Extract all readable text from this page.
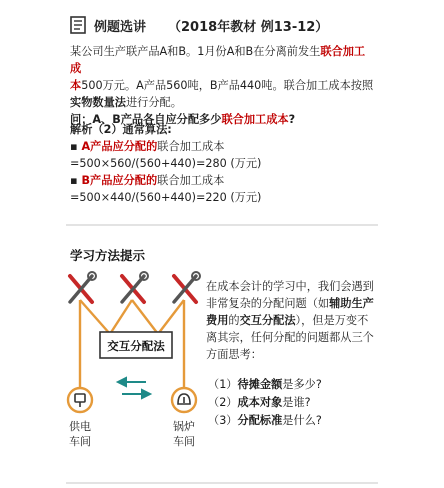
例题选讲 （2018年教材 例13-12）
某公司生产联产品A和B。1月份A和B在分离前发生联合加工成
本500万元。A产品560吨，B产品440吨。联合加工成本按照
实物数量法进行分配。
问：A、B产品各自应分配多少联合加工成本?
解析（2）通常算法:
▪ A产品应分配的联合加工成本
=500×560/(560+440)=280 (万元)
▪ B产品应分配的联合加工成本
=500×440/(560+440)=220 (万元)
学习方法提示
交互分配法
供电
车间
锅炉
车间
在成本会计的学习中，我们会遇到非常复杂的分配问题（如辅助生产费用的交互分配法），但是万变不离其宗，任何分配的问题都从三个方面思考：
（1）待摊金额是多少?
（2）成本对象是谁?
（3）分配标准是什么?
